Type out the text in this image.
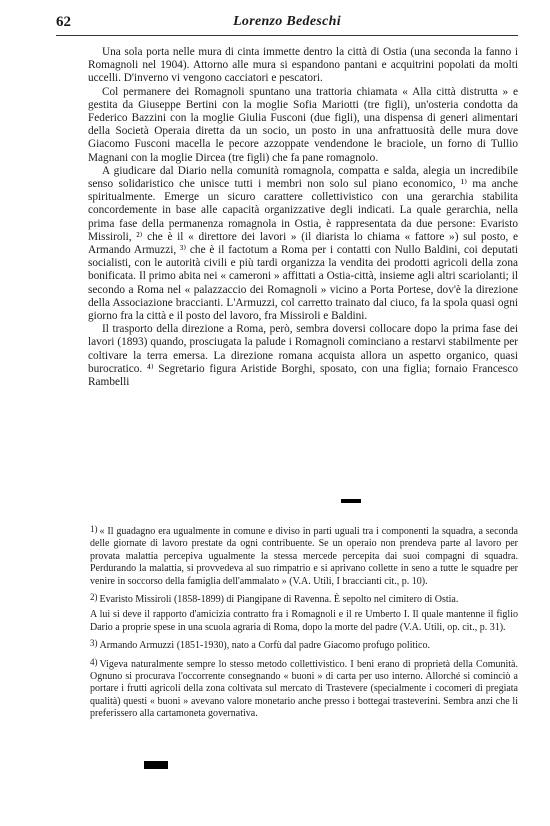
62	Lorenzo Bedeschi

Una sola porta nelle mura di cinta immette dentro la città di Ostia (una seconda la fanno i Romagnoli nel 1904). Attorno alle mura si espandono pantani e acquitrini popolati da molti uccelli. D'inverno vi vengono cacciatori e pescatori.

Col permanere dei Romagnoli spuntano una trattoria chiamata « Alla città distrutta » e gestita da Giuseppe Bertini con la moglie Sofia Mariotti (tre figli), un'osteria condotta da Federico Bazzini con la moglie Giulia Fusconi (due figli), una dispensa di generi alimentari della Società Operaia diretta da un socio, un posto in una anfrattuosità delle mura dove Giacomo Fusconi macella le pecore azzoppate vendendone le braciole, un forno di Tullio Magnani con la moglie Dircea (tre figli) che fa pane romagnolo.

A giudicare dal Diario nella comunità romagnola, compatta e salda, alegia un incredibile senso solidaristico che unisce tutti i membri non solo sul piano economico, ¹⁾ ma anche spiritualmente. Emerge un sicuro carattere collettivistico con una gerarchia stabilita concordemente in base alle capacità organizzative degli indicati. La quale gerarchia, nella prima fase della permanenza romagnola in Ostia, è rappresentata da due persone: Evaristo Missiroli, ²⁾ che è il « direttore dei lavori » (il diarista lo chiama « fattore ») sul posto, e Armando Armuzzi, ³⁾ che è il factotum a Roma per i contatti con Nullo Baldini, coi deputati socialisti, con le autorità civili e più tardi organizza la vendita dei prodotti agricoli della zona bonificata. Il primo abita nei « cameroni » affittati a Ostia-città, insieme agli altri scariolanti; il secondo a Roma nel « palazzaccio dei Romagnoli » vicino a Porta Portese, dov'è la direzione della Associazione braccianti. L'Armuzzi, col carretto trainato dal ciuco, fa la spola quasi ogni giorno fra la città e il posto del lavoro, fra Missiroli e Baldini.

Il trasporto della direzione a Roma, però, sembra doversi collocare dopo la prima fase dei lavori (1893) quando, prosciugata la palude i Romagnoli cominciano a restarvi stabilmente per coltivare la terra emersa. La direzione romana acquista allora un aspetto organico, quasi burocratico. ⁴⁾ Segretario figura Aristide Borghi, sposato, con una figlia; fornaio Francesco Rambelli

1) « Il guadagno era ugualmente in comune e diviso in parti uguali tra i componenti la squadra, a seconda delle giornate di lavoro prestate da ogni contribuente. Se un operaio non prendeva parte al lavoro per provata malattia percepiva ugualmente la stessa mercede percepita dai suoi compagni di squadra. Perdurando la malattia, si provvedeva al suo rimpatrio e si aprivano collette in seno a tutte le squadre per venire in soccorso della famiglia dell'ammalato » (V.A. Utili, I braccianti cit., p. 10).

2) Evaristo Missiroli (1858-1899) di Piangipane di Ravenna. È sepolto nel cimitero di Ostia.

A lui si deve il rapporto d'amicizia contratto fra i Romagnoli e il re Umberto I. Il quale mantenne il figlio Dario a proprie spese in una scuola agraria di Roma, dopo la morte del padre (V.A. Utili, op. cit., p. 31).

3) Armando Armuzzi (1851-1930), nato a Corfù dal padre Giacomo profugo politico.

4) Vigeva naturalmente sempre lo stesso metodo collettivistico. I beni erano di proprietà della Comunità. Ognuno si procurava l'occorrente consegnando « buoni » di carta per uso interno. Allorché si cominciò a portare i frutti agricoli della zona coltivata sul mercato di Trastevere (specialmente i cocomeri di pregiata qualità) questi « buoni » avevano valore monetario anche presso i bottegai trasteverini. Sembra anzi che li preferissero alla cartamoneta governativa.
